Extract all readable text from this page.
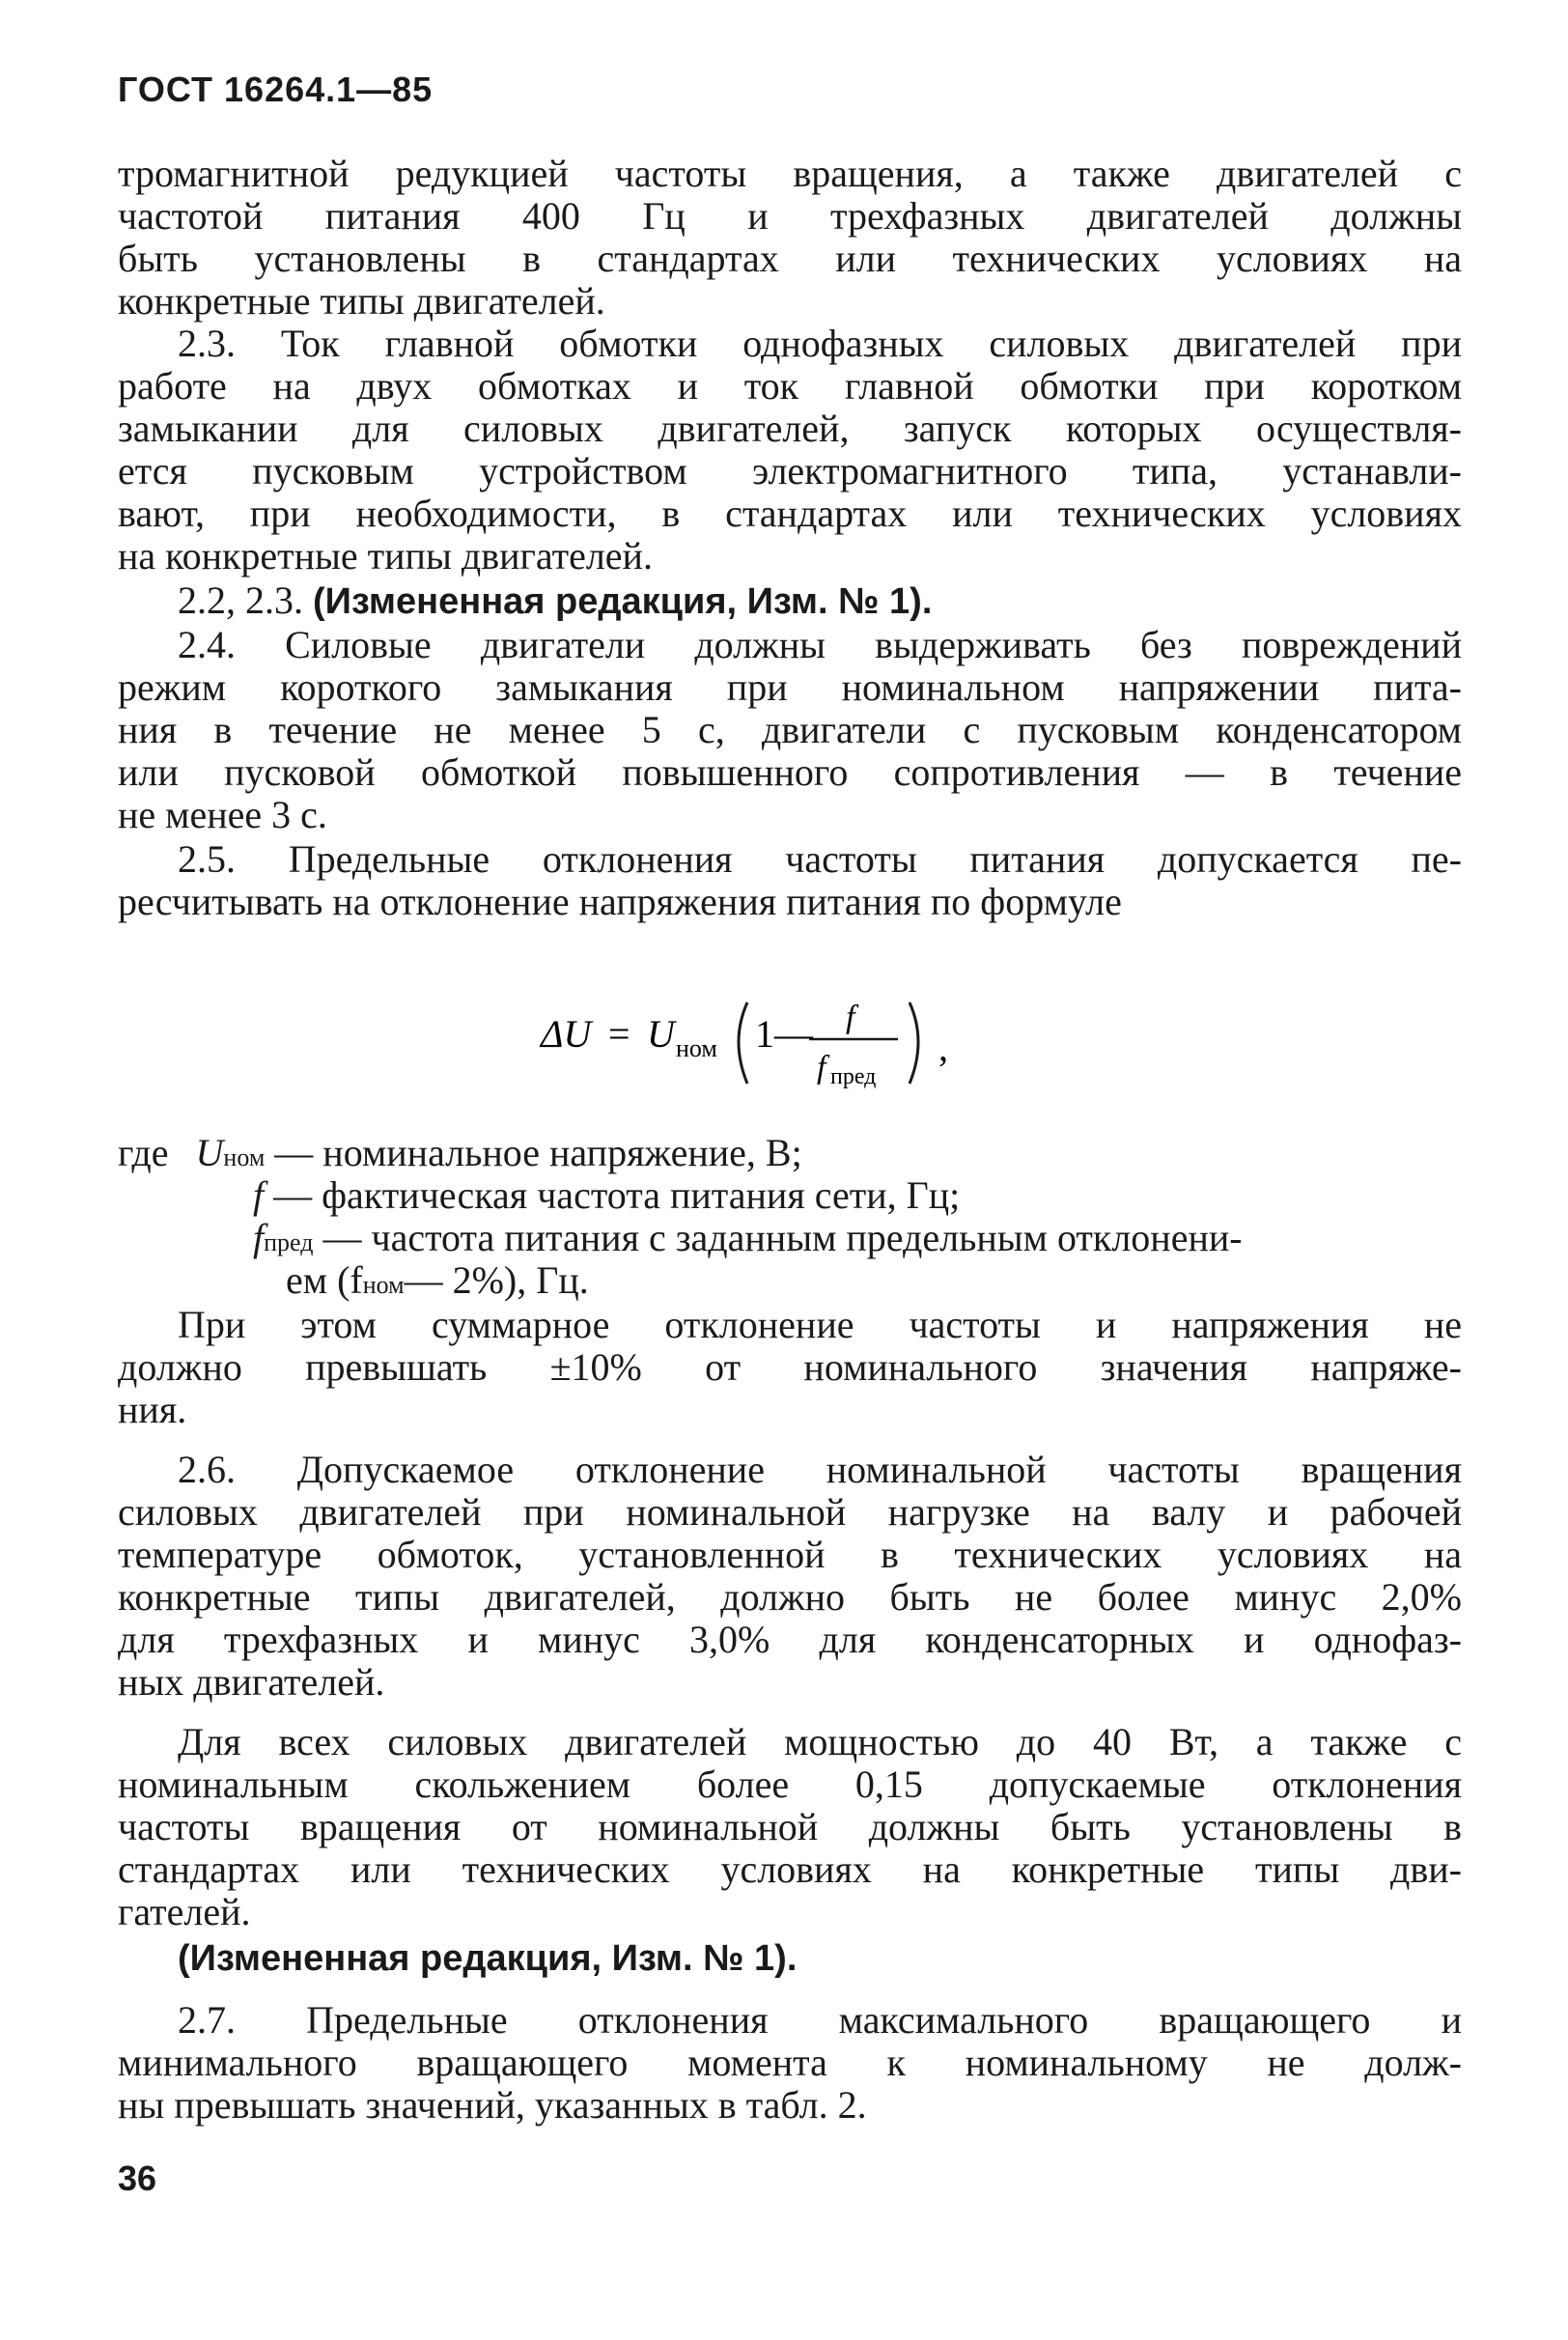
ГОСТ 16264.1—85
тромагнитной редукцией частоты вращения, а также двигателей с
частотой питания 400 Гц и трехфазных двигателей должны
быть установлены в стандартах или технических условиях на
конкретные типы двигателей.
2.3. Ток главной обмотки однофазных силовых двигателей при
работе на двух обмотках и ток главной обмотки при коротком
замыкании для силовых двигателей, запуск которых осуществля-
ется пусковым устройством электромагнитного типа, устанавли-
вают, при необходимости, в стандартах или технических условиях
на конкретные типы двигателей.
2.2, 2.3. (Измененная редакция, Изм. № 1).
2.4. Силовые двигатели должны выдерживать без повреждений
режим короткого замыкания при номинальном напряжении пита-
ния в течение не менее 5 с, двигатели с пусковым конденсатором
или пусковой обмоткой повышенного сопротивления — в течение
не менее 3 с.
2.5. Предельные отклонения частоты питания допускается пе-
ресчитывать на отклонение напряжения питания по формуле
ΔU = U ном 1— f
f пред
,
где Uном — номинальное напряжение, В;
f — фактическая частота питания сети, Гц;
fпред — частота питания с заданным предельным отклонени-
ем (fном— 2%), Гц.
При этом суммарное отклонение частоты и напряжения не
должно превышать ±10% от номинального значения напряже-
ния.
2.6. Допускаемое отклонение номинальной частоты вращения
силовых двигателей при номинальной нагрузке на валу и рабочей
температуре обмоток, установленной в технических условиях на
конкретные типы двигателей, должно быть не более минус 2,0%
для трехфазных и минус 3,0% для конденсаторных и однофаз-
ных двигателей.
Для всех силовых двигателей мощностью до 40 Вт, а также с
номинальным скольжением более 0,15 допускаемые отклонения
частоты вращения от номинальной должны быть установлены в
стандартах или технических условиях на конкретные типы дви-
гателей.
(Измененная редакция, Изм. № 1).
2.7. Предельные отклонения максимального вращающего и
минимального вращающего момента к номинальному не долж-
ны превышать значений, указанных в табл. 2.
36
